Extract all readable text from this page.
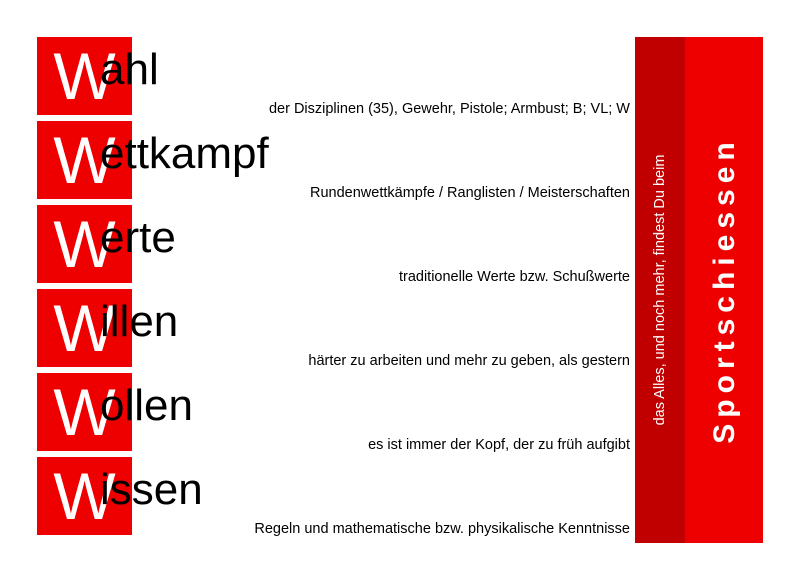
W
W
W
W
W
W
ahl
der Disziplinen (35), Gewehr, Pistole; Armbust; B; VL; W
ettkampf
Rundenwettkämpfe / Ranglisten / Meisterschaften
erte
traditionelle Werte bzw. Schußwerte
illen
härter zu arbeiten und mehr zu geben, als gestern
ollen
es ist immer der Kopf, der zu früh aufgibt
issen
Regeln und mathematische bzw. physikalische Kenntnisse
das Alles, und noch mehr, findest Du beim	Sportschiessen
